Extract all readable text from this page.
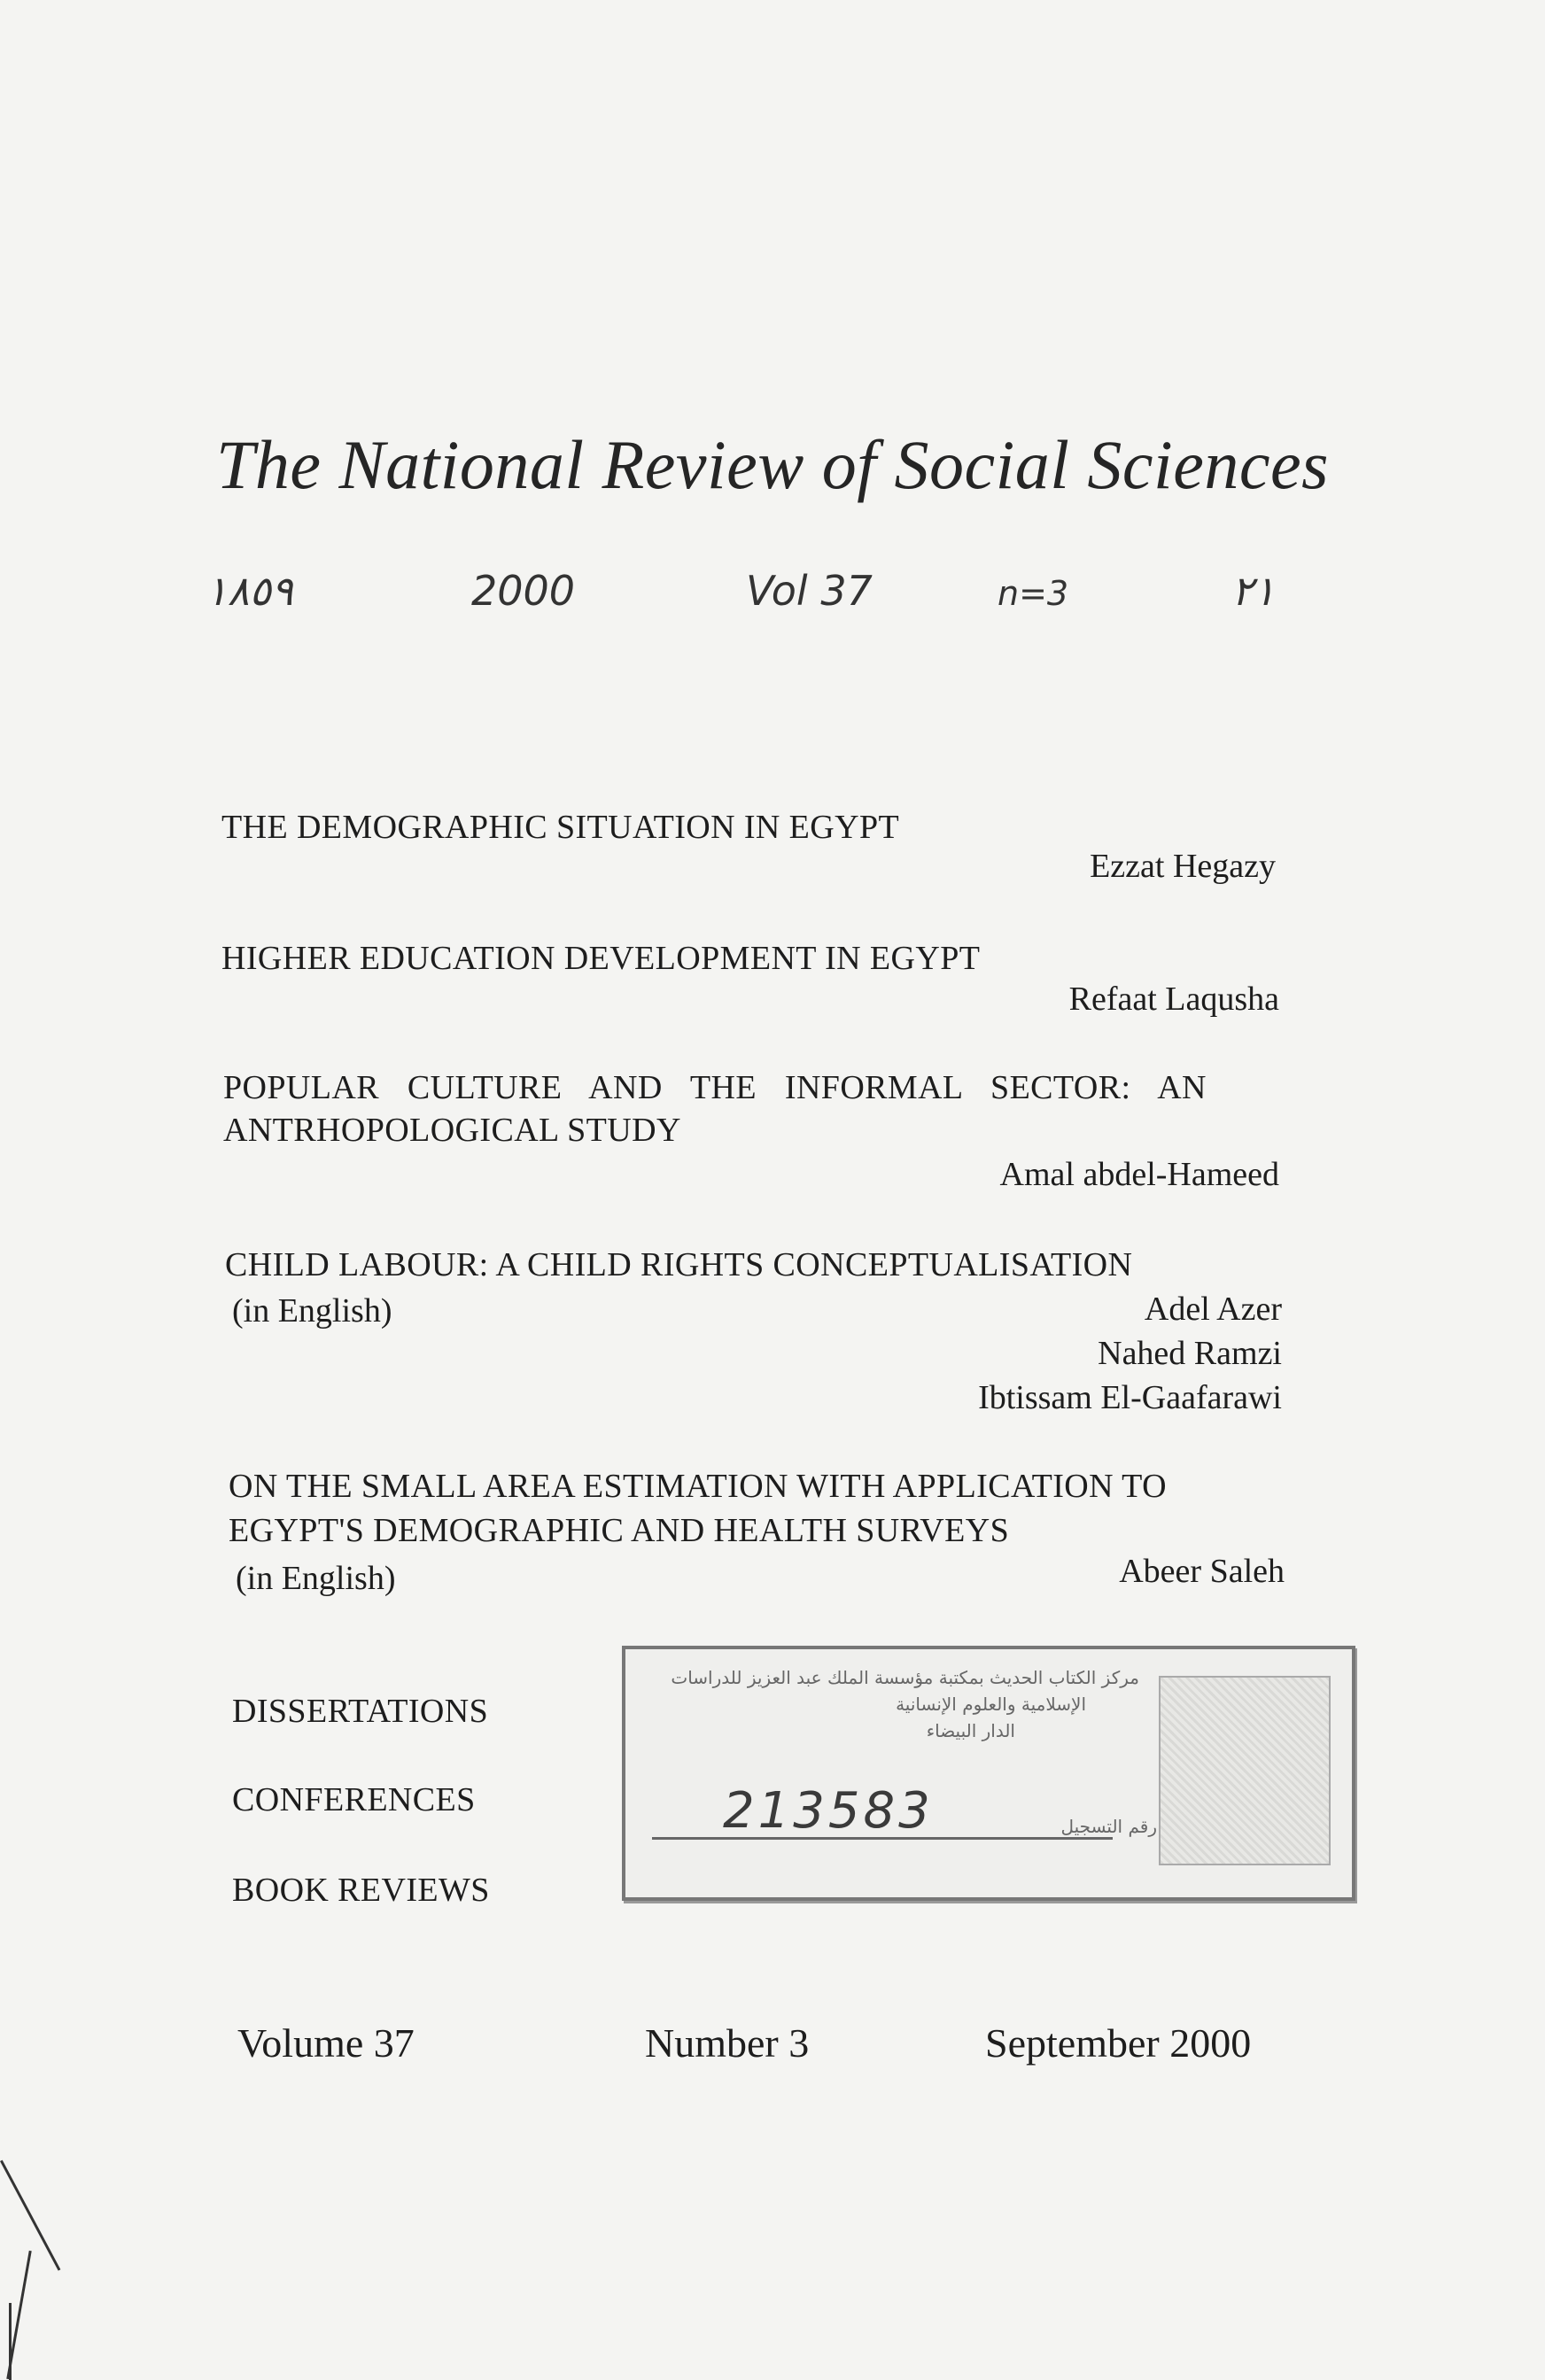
The National Review of Social Sciences
١٨٥٩	2000	Vol 37	n=3	٢١
THE DEMOGRAPHIC SITUATION IN EGYPT
Ezzat Hegazy
HIGHER EDUCATION DEVELOPMENT IN EGYPT
Refaat Laqusha
POPULAR CULTURE AND THE INFORMAL SECTOR: AN
ANTRHOPOLOGICAL STUDY
Amal abdel-Hameed
CHILD LABOUR: A CHILD RIGHTS CONCEPTUALISATION
(in English)	Adel Azer
Nahed Ramzi
Ibtissam El-Gaafarawi
ON THE SMALL AREA ESTIMATION WITH APPLICATION TO
EGYPT'S DEMOGRAPHIC AND HEALTH SURVEYS
(in English)	Abeer Saleh
DISSERTATIONS
CONFERENCES
BOOK REVIEWS
مركز الكتاب الحديث بمكتبة مؤسسة الملك عبد العزيز للدراسات
الإسلامية والعلوم الإنسانية
الدار البيضاء
213583	رقم التسجيل
Volume 37	Number 3	September 2000
